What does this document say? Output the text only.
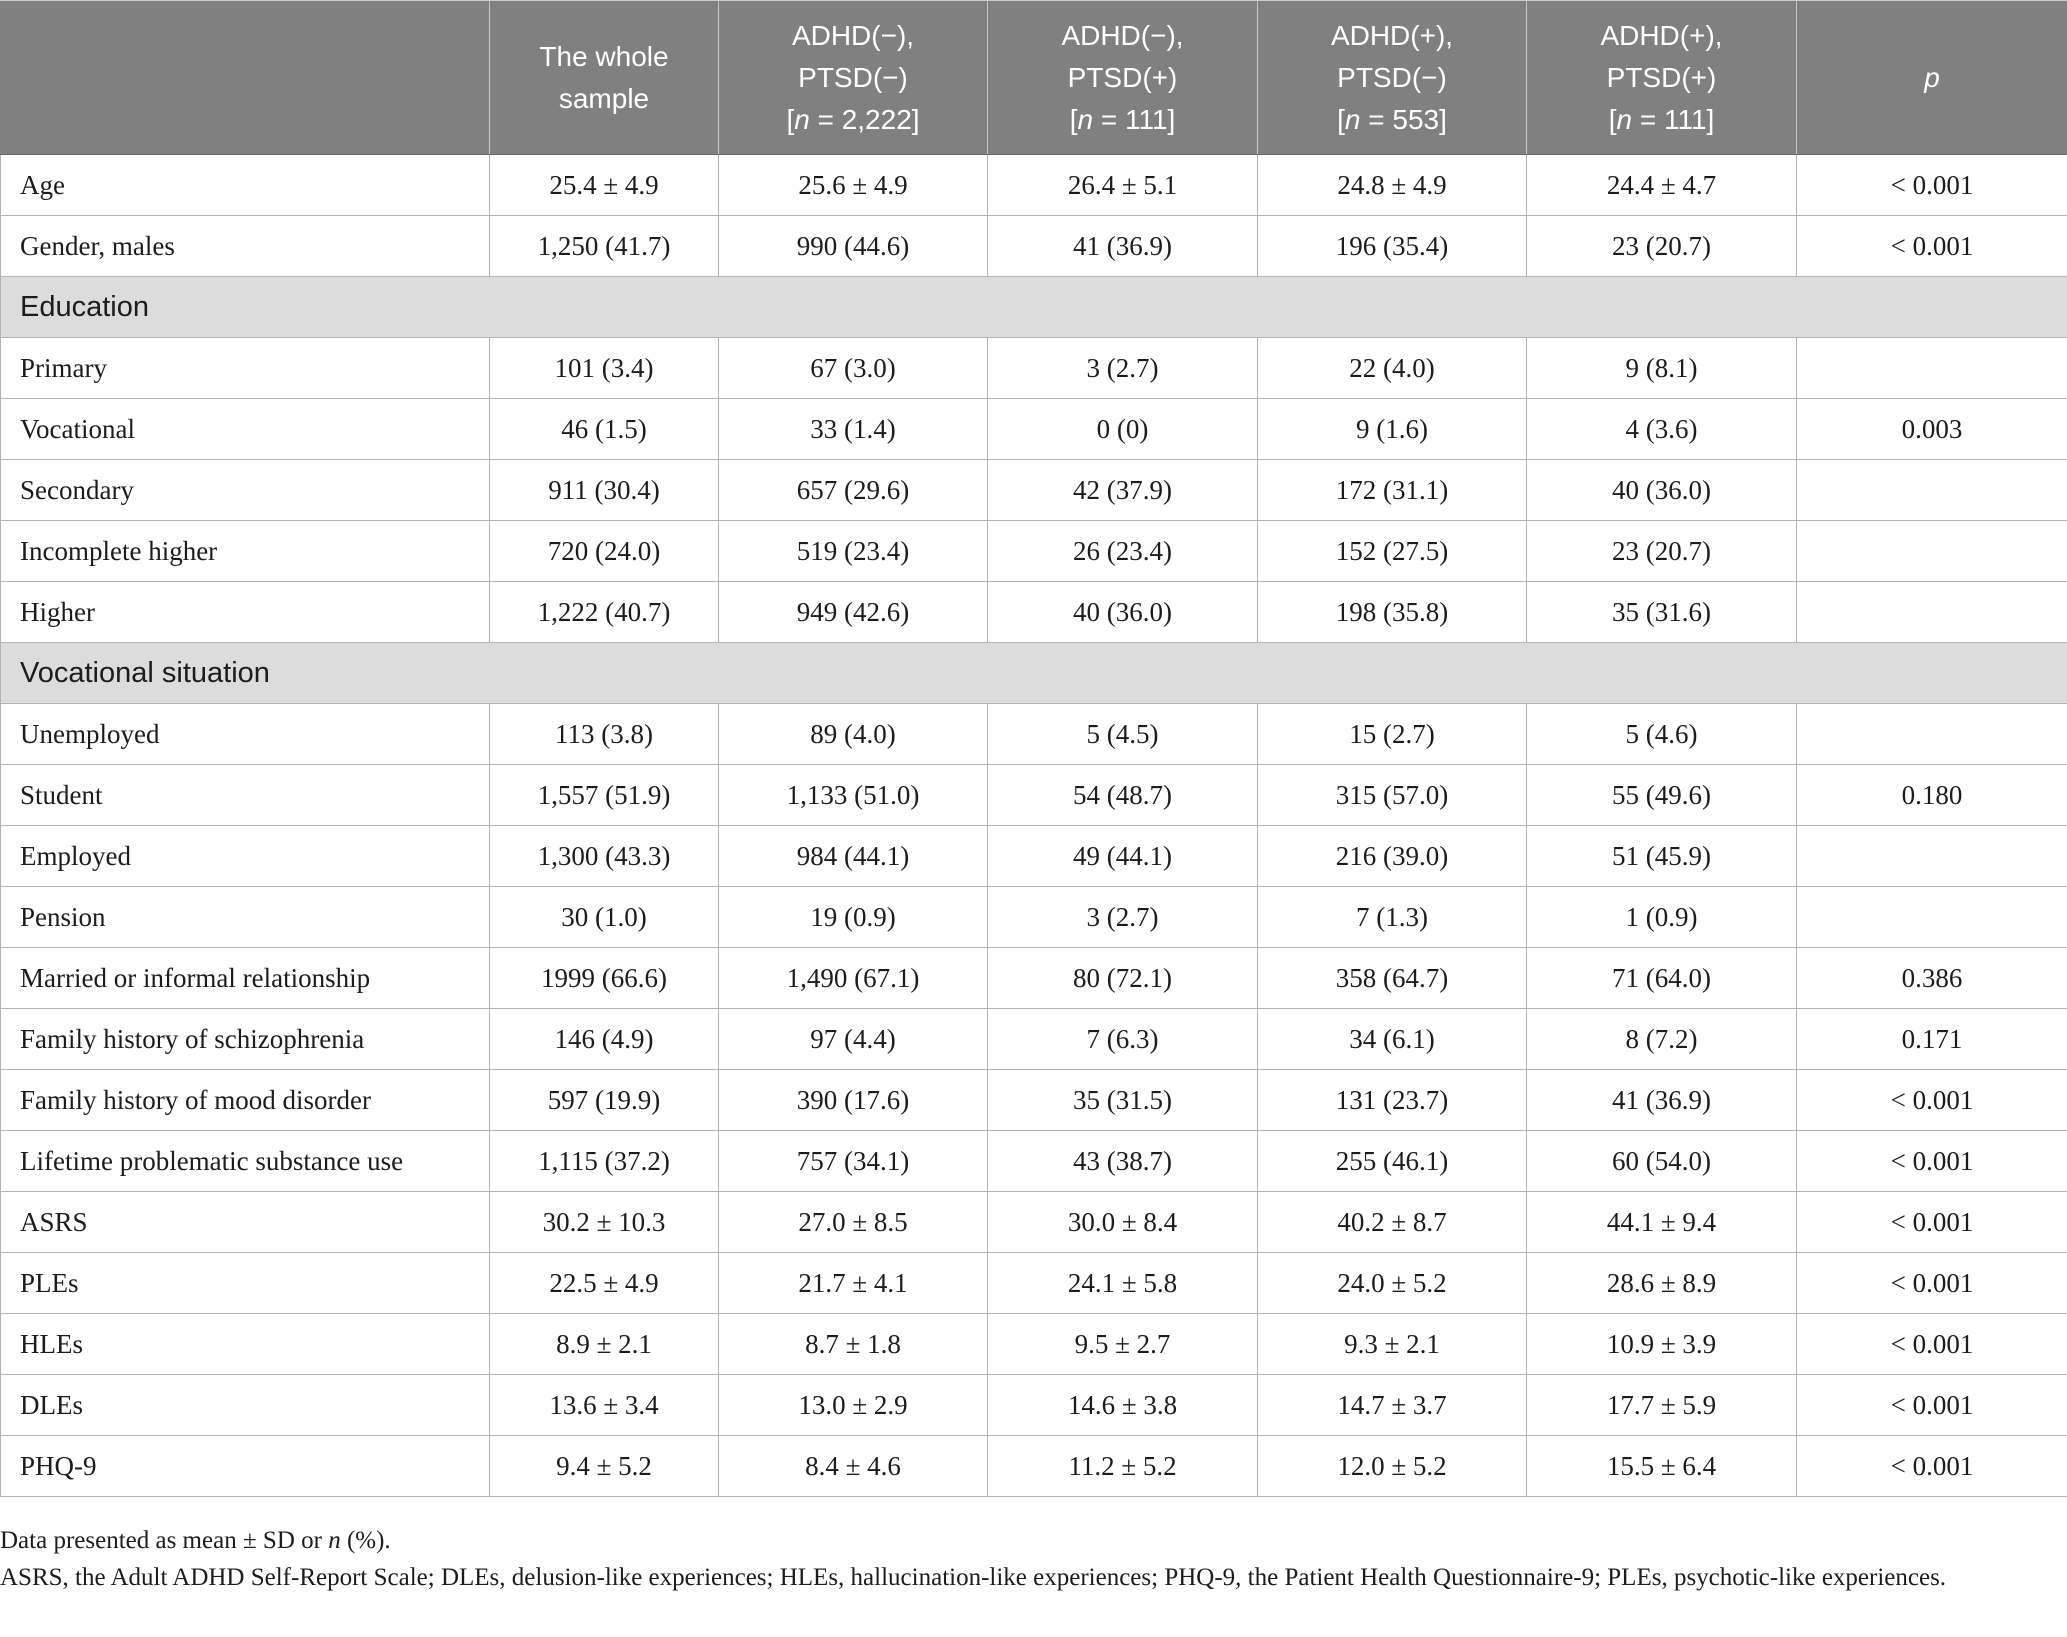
	The whole
sample	ADHD(−),
PTSD(−)
[n = 2,222]	ADHD(−),
PTSD(+)
[n = 111]	ADHD(+),
PTSD(−)
[n = 553]	ADHD(+),
PTSD(+)
[n = 111]	p
Age	25.4 ± 4.9	25.6 ± 4.9	26.4 ± 5.1	24.8 ± 4.9	24.4 ± 4.7	< 0.001
Gender, males	1,250 (41.7)	990 (44.6)	41 (36.9)	196 (35.4)	23 (20.7)	< 0.001
Education						
Primary	101 (3.4)	67 (3.0)	3 (2.7)	22 (4.0)	9 (8.1)	
Vocational	46 (1.5)	33 (1.4)	0 (0)	9 (1.6)	4 (3.6)	0.003
Secondary	911 (30.4)	657 (29.6)	42 (37.9)	172 (31.1)	40 (36.0)	
Incomplete higher	720 (24.0)	519 (23.4)	26 (23.4)	152 (27.5)	23 (20.7)	
Higher	1,222 (40.7)	949 (42.6)	40 (36.0)	198 (35.8)	35 (31.6)	
Vocational situation						
Unemployed	113 (3.8)	89 (4.0)	5 (4.5)	15 (2.7)	5 (4.6)	
Student	1,557 (51.9)	1,133 (51.0)	54 (48.7)	315 (57.0)	55 (49.6)	0.180
Employed	1,300 (43.3)	984 (44.1)	49 (44.1)	216 (39.0)	51 (45.9)	
Pension	30 (1.0)	19 (0.9)	3 (2.7)	7 (1.3)	1 (0.9)	
Married or informal relationship	1999 (66.6)	1,490 (67.1)	80 (72.1)	358 (64.7)	71 (64.0)	0.386
Family history of schizophrenia	146 (4.9)	97 (4.4)	7 (6.3)	34 (6.1)	8 (7.2)	0.171
Family history of mood disorder	597 (19.9)	390 (17.6)	35 (31.5)	131 (23.7)	41 (36.9)	< 0.001
Lifetime problematic substance use	1,115 (37.2)	757 (34.1)	43 (38.7)	255 (46.1)	60 (54.0)	< 0.001
ASRS	30.2 ± 10.3	27.0 ± 8.5	30.0 ± 8.4	40.2 ± 8.7	44.1 ± 9.4	< 0.001
PLEs	22.5 ± 4.9	21.7 ± 4.1	24.1 ± 5.8	24.0 ± 5.2	28.6 ± 8.9	< 0.001
HLEs	8.9 ± 2.1	8.7 ± 1.8	9.5 ± 2.7	9.3 ± 2.1	10.9 ± 3.9	< 0.001
DLEs	13.6 ± 3.4	13.0 ± 2.9	14.6 ± 3.8	14.7 ± 3.7	17.7 ± 5.9	< 0.001
PHQ-9	9.4 ± 5.2	8.4 ± 4.6	11.2 ± 5.2	12.0 ± 5.2	15.5 ± 6.4	< 0.001

Data presented as mean ± SD or n (%).

ASRS, the Adult ADHD Self-Report Scale; DLEs, delusion-like experiences; HLEs, hallucination-like experiences; PHQ-9, the Patient Health Questionnaire-9; PLEs, psychotic-like experiences.
